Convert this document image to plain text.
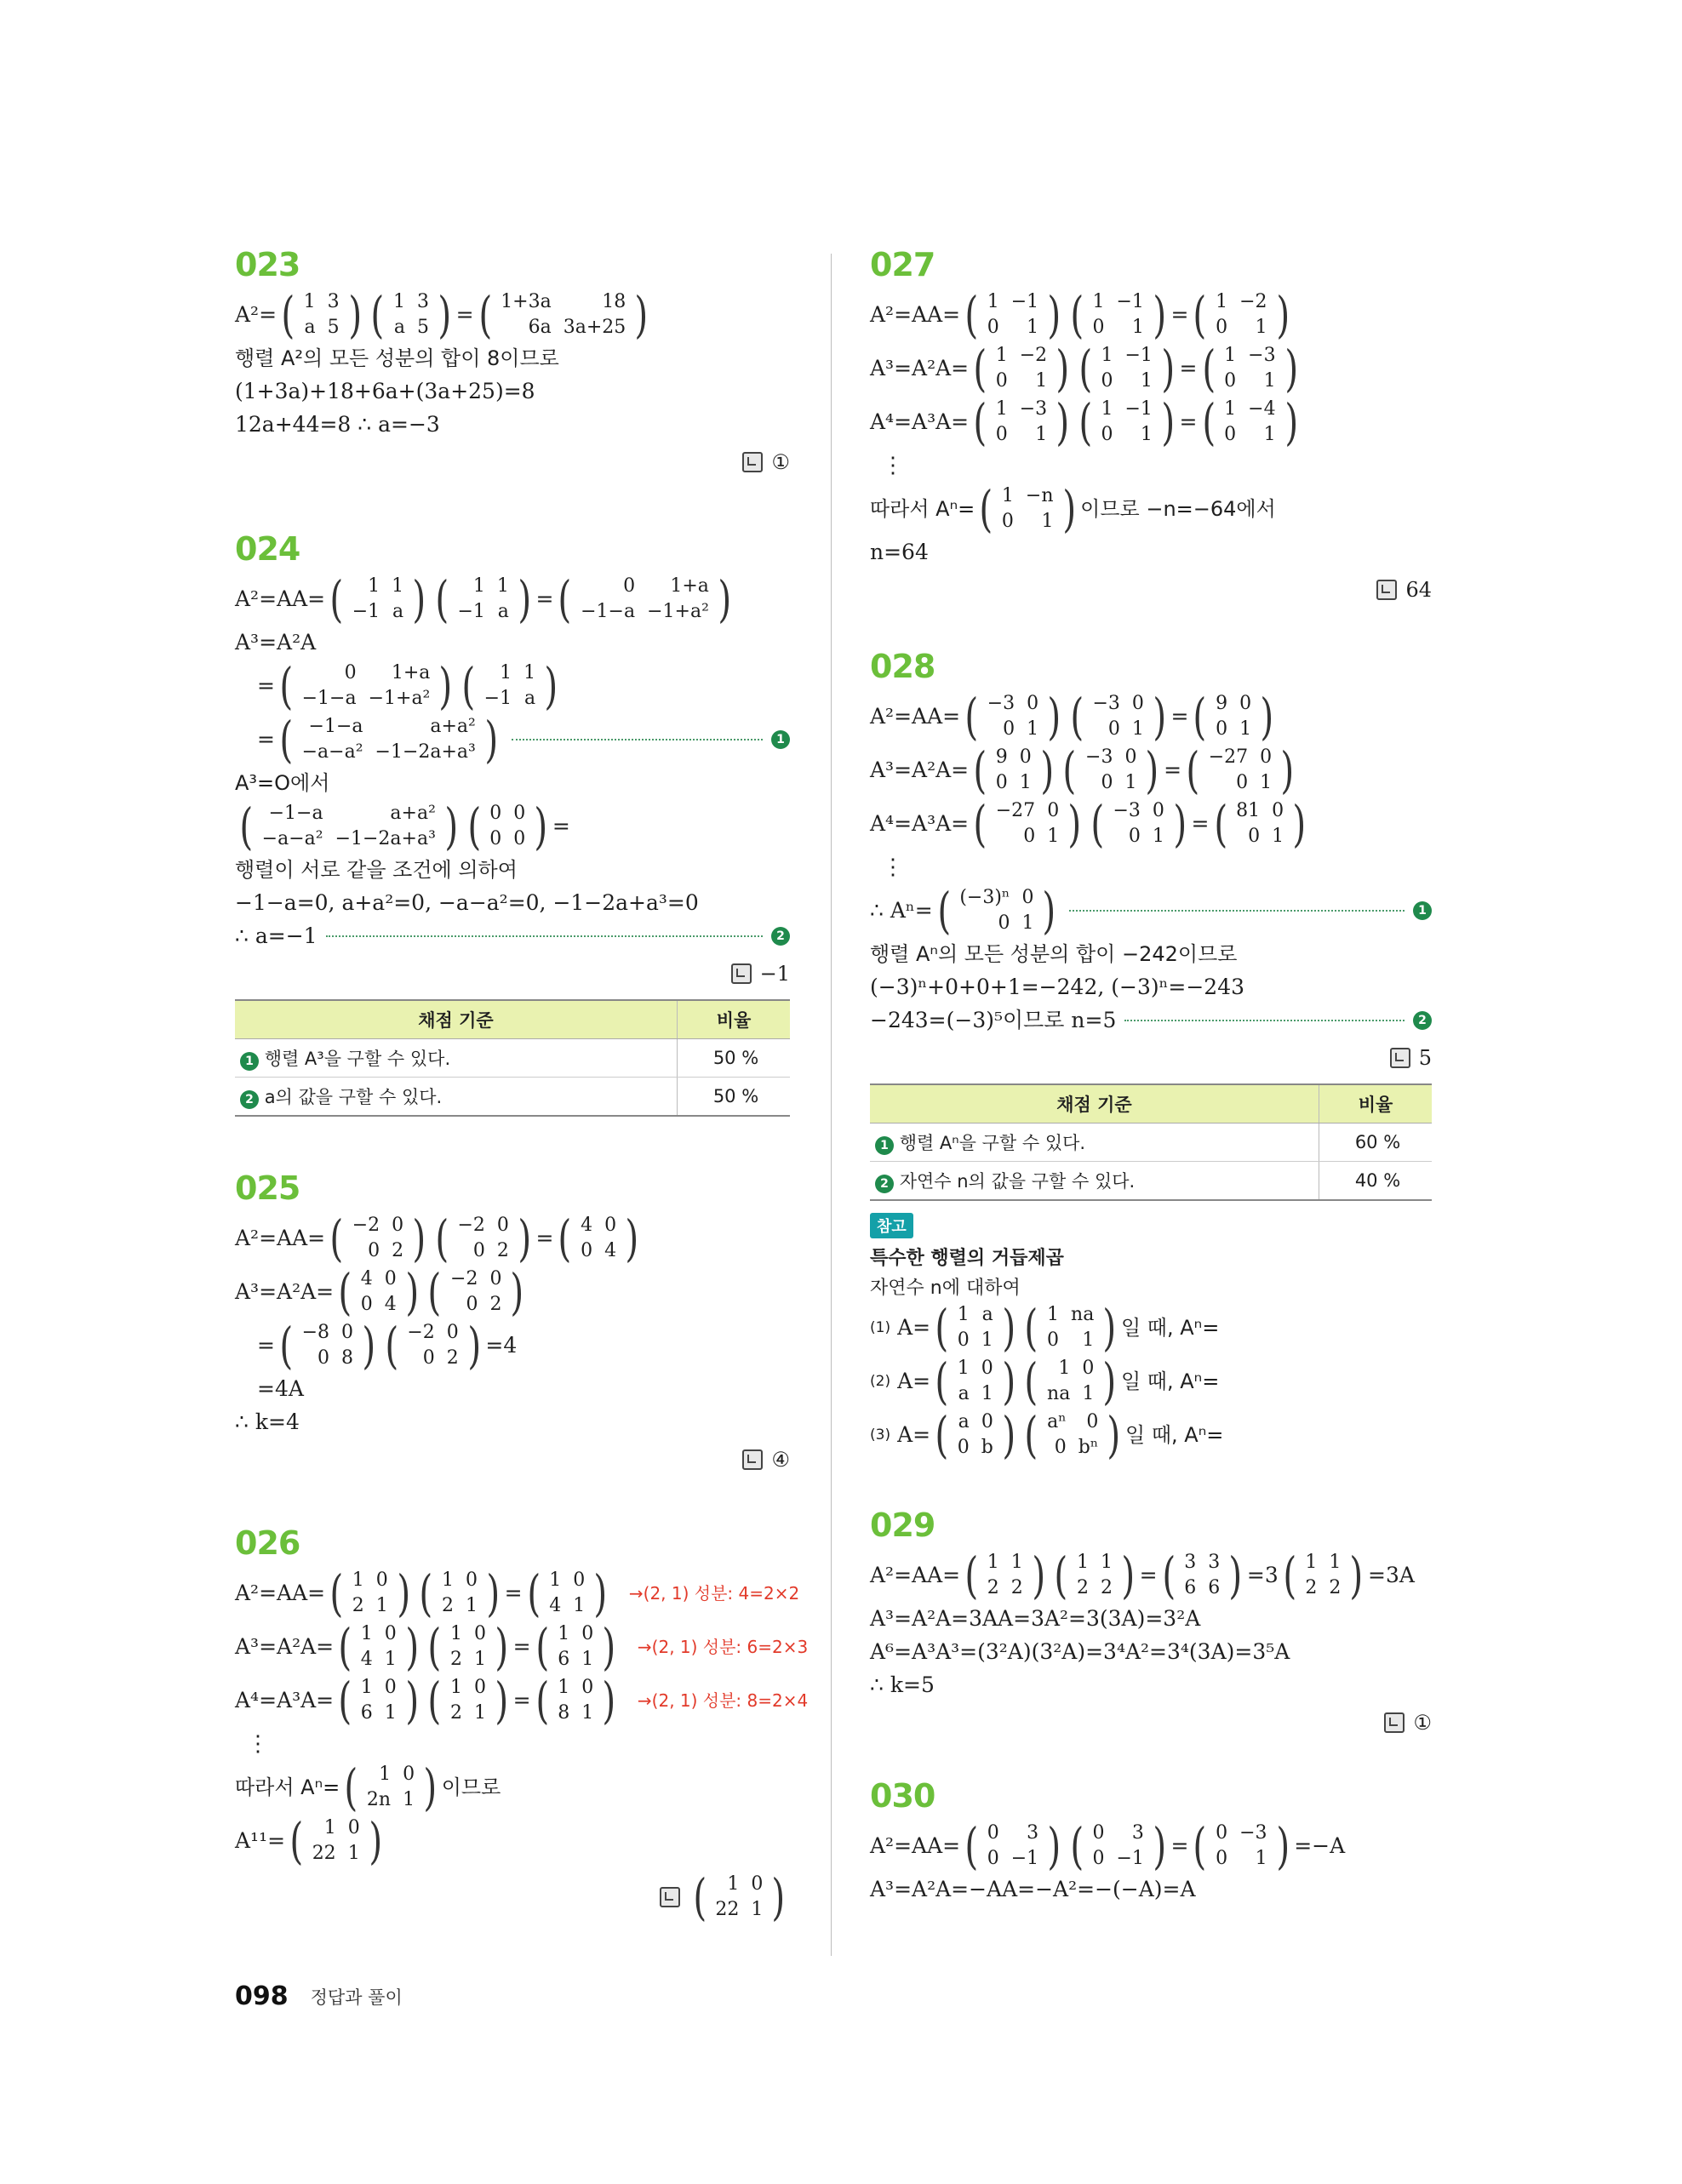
023
A²= ( 1	3
a	5 ) ( 1	3
a	5 ) = ( 1+3a	18
6a	3a+25 )
행렬 A²의 모든 성분의 합이 8이므로
(1+3a)+18+6a+(3a+25)=8
12a+44=8 ∴ a=−3
①
024
A²=AA= ( 1	1
−1	a ) ( 1	1
−1	a ) = (	0	1+a
−1−a	−1+a² )
A³=A²A
= (	0	1+a
−1−a	−1+a² ) ( 1	1
−1	a )
= ( −1−a	a+a²
−a−a²	−1−2a+a³ )	1
A³=O에서
( −1−a	a+a²
−a−a²	−1−2a+a³ ) ( 0	0
0	0 ) =
행렬이 서로 같을 조건에 의하여
−1−a=0, a+a²=0, −a−a²=0, −1−2a+a³=0
∴ a=−1	2
−1
채점 기준	비율
1 행렬 A³을 구할 수 있다.	50 %
2 a의 값을 구할 수 있다.	50 %
025
A²=AA= ( −2	0
0	2 ) ( −2	0
0	2 ) = ( 4	0
0	4 )
A³=A²A= ( 4	0
0	4 ) ( −2	0
0	2 )
= ( −8	0
0	8 ) ( −2	0
0	2 ) =4
=4A
∴ k=4
④
026
A²=AA= ( 1	0
2	1 ) ( 1	0
2	1 ) = ( 1	0
4	1 ) →(2, 1) 성분: 4=2×2
A³=A²A= ( 1	0
4	1 ) ( 1	0
2	1 ) = ( 1	0
6	1 ) →(2, 1) 성분: 6=2×3
A⁴=A³A= ( 1	0
6	1 ) ( 1	0
2	1 ) = ( 1	0
8	1 ) →(2, 1) 성분: 8=2×4
⋮
따라서 Aⁿ= ( 1	0
2n	1 ) 이므로
A¹¹= ( 1	0
22	1 )
( 1	0
22	1 )
027
A²=AA= ( 1	−1
0	1 ) ( 1	−1
0	1 ) = ( 1	−2
0	1 )
A³=A²A= ( 1	−2
0	1 ) ( 1	−1
0	1 ) = ( 1	−3
0	1 )
A⁴=A³A= ( 1	−3
0	1 ) ( 1	−1
0	1 ) = ( 1	−4
0	1 )
⋮
따라서 Aⁿ= ( 1	−n
0	1 ) 이므로 −n=−64에서
n=64
64
028
A²=AA= ( −3	0
0	1 ) ( −3	0
0	1 ) = ( 9	0
0	1 )
A³=A²A= ( 9	0
0	1 ) ( −3	0
0	1 ) = ( −27	0
0	1 )
A⁴=A³A= ( −27	0
0	1 ) ( −3	0
0	1 ) = ( 81	0
0	1 )
⋮
∴ Aⁿ= ( (−3)ⁿ	0
0	1 )	1
행렬 Aⁿ의 모든 성분의 합이 −242이므로
(−3)ⁿ+0+0+1=−242, (−3)ⁿ=−243
−243=(−3)⁵이므로 n=5	2
5
채점 기준	비율
1 행렬 Aⁿ을 구할 수 있다.	60 %
2 자연수 n의 값을 구할 수 있다.	40 %
참고
특수한 행렬의 거듭제곱
자연수 n에 대하여
(1) A= ( 1	a
0	1 ) ( 1	na
0	1 ) 일 때, Aⁿ=
(2) A= ( 1	0
a	1 ) ( 1	0
na	1 ) 일 때, Aⁿ=
(3) A= ( a	0
0	b ) ( aⁿ	0
0	bⁿ ) 일 때, Aⁿ=
029
A²=AA= ( 1	1
2	2 ) ( 1	1
2	2 ) = ( 3	3
6	6 ) =3 ( 1	1
2	2 ) =3A
A³=A²A=3AA=3A²=3(3A)=3²A
A⁶=A³A³=(3²A)(3²A)=3⁴A²=3⁴(3A)=3⁵A
∴ k=5
①
030
A²=AA= ( 0	3
0	−1 ) ( 0	3
0	−1 ) = ( 0	−3
0	1 ) =−A
A³=A²A=−AA=−A²=−(−A)=A
098 정답과 풀이
